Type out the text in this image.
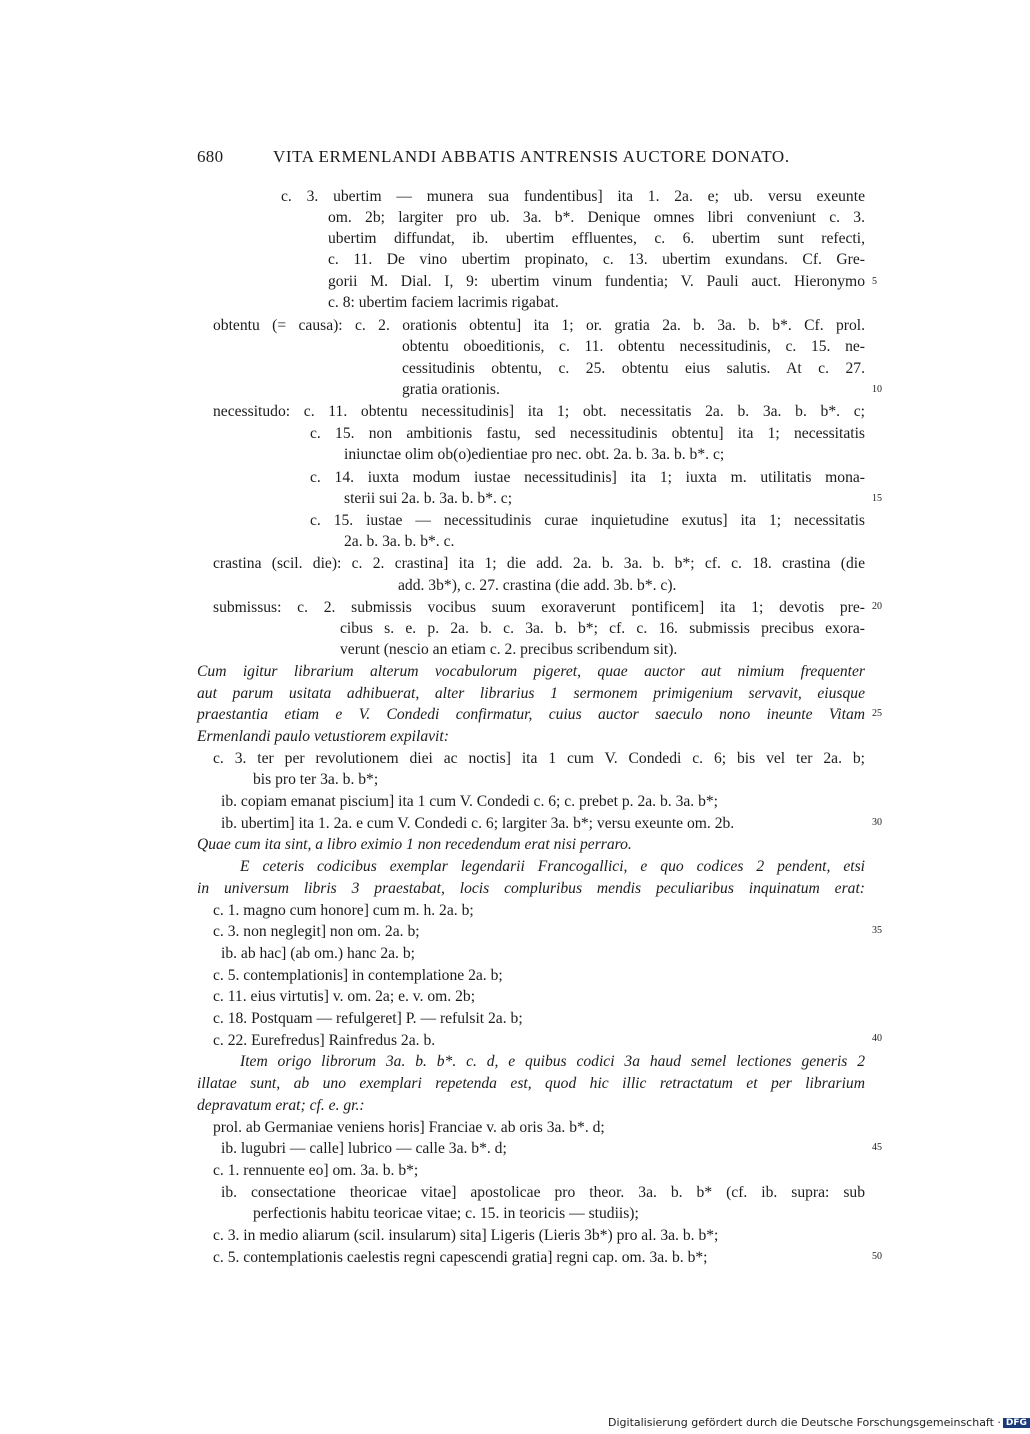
680	VITA ERMENLANDI ABBATIS ANTRENSIS AUCTORE DONATO.
c. 3. ubertim — munera sua fundentibus] ita 1. 2a. e; ub. versu exeunte
om. 2b; largiter pro ub. 3a. b*. Denique omnes libri conveniunt c. 3.
ubertim diffundat, ib. ubertim effluentes, c. 6. ubertim sunt refecti,
c. 11. De vino ubertim propinato, c. 13. ubertim exundans. Cf. Gre-
gorii M. Dial. I, 9: ubertim vinum fundentia; V. Pauli auct. Hieronymo
c. 8: ubertim faciem lacrimis rigabat.
obtentu (= causa): c. 2. orationis obtentu] ita 1; or. gratia 2a. b. 3a. b. b*. Cf. prol.
obtentu oboeditionis, c. 11. obtentu necessitudinis, c. 15. ne-
cessitudinis obtentu, c. 25. obtentu eius salutis. At c. 27.
gratia orationis.
necessitudo: c. 11. obtentu necessitudinis] ita 1; obt. necessitatis 2a. b. 3a. b. b*. c;
c. 15. non ambitionis fastu, sed necessitudinis obtentu] ita 1; necessitatis
iniunctae olim ob(o)edientiae pro nec. obt. 2a. b. 3a. b. b*. c;
c. 14. iuxta modum iustae necessitudinis] ita 1; iuxta m. utilitatis mona-
sterii sui 2a. b. 3a. b. b*. c;
c. 15. iustae — necessitudinis curae inquietudine exutus] ita 1; necessitatis
2a. b. 3a. b. b*. c.
crastina (scil. die): c. 2. crastina] ita 1; die add. 2a. b. 3a. b. b*; cf. c. 18. crastina (die
add. 3b*), c. 27. crastina (die add. 3b. b*. c).
submissus: c. 2. submissis vocibus suum exoraverunt pontificem] ita 1; devotis pre-
cibus s. e. p. 2a. b. c. 3a. b. b*; cf. c. 16. submissis precibus exora-
verunt (nescio an etiam c. 2. precibus scribendum sit).
Cum igitur librarium alterum vocabulorum pigeret, quae auctor aut nimium frequenter
aut parum usitata adhibuerat, alter librarius 1 sermonem primigenium servavit, eiusque
praestantia etiam e V. Condedi confirmatur, cuius auctor saeculo nono ineunte Vitam
Ermenlandi paulo vetustiorem expilavit:
c. 3. ter per revolutionem diei ac noctis] ita 1 cum V. Condedi c. 6; bis vel ter 2a. b;
bis pro ter 3a. b. b*;
ib. copiam emanat piscium] ita 1 cum V. Condedi c. 6; c. prebet p. 2a. b. 3a. b*;
ib. ubertim] ita 1. 2a. e cum V. Condedi c. 6; largiter 3a. b*; versu exeunte om. 2b.
Quae cum ita sint, a libro eximio 1 non recedendum erat nisi perraro.
E ceteris codicibus exemplar legendarii Francogallici, e quo codices 2 pendent, etsi
in universum libris 3 praestabat, locis compluribus mendis peculiaribus inquinatum erat:
c. 1. magno cum honore] cum m. h. 2a. b;
c. 3. non neglegit] non om. 2a. b;
ib. ab hac] (ab om.) hanc 2a. b;
c. 5. contemplationis] in contemplatione 2a. b;
c. 11. eius virtutis] v. om. 2a; e. v. om. 2b;
c. 18. Postquam — refulgeret] P. — refulsit 2a. b;
c. 22. Eurefredus] Rainfredus 2a. b.
Item origo librorum 3a. b. b*. c. d, e quibus codici 3a haud semel lectiones generis 2
illatae sunt, ab uno exemplari repetenda est, quod hic illic retractatum et per librarium
depravatum erat; cf. e. gr.:
prol. ab Germaniae veniens horis] Franciae v. ab oris 3a. b*. d;
ib. lugubri — calle] lubrico — calle 3a. b*. d;
c. 1. rennuente eo] om. 3a. b. b*;
ib. consectatione theoricae vitae] apostolicae pro theor. 3a. b. b* (cf. ib. supra: sub
perfectionis habitu teoricae vitae; c. 15. in teoricis — studiis);
c. 3. in medio aliarum (scil. insularum) sita] Ligeris (Lieris 3b*) pro al. 3a. b. b*;
c. 5. contemplationis caelestis regni capescendi gratia] regni cap. om. 3a. b. b*;
5
10
15
20
25
30
35
40
45
50
Digitalisierung gefördert durch die Deutsche Forschungsgemeinschaft · DFG
